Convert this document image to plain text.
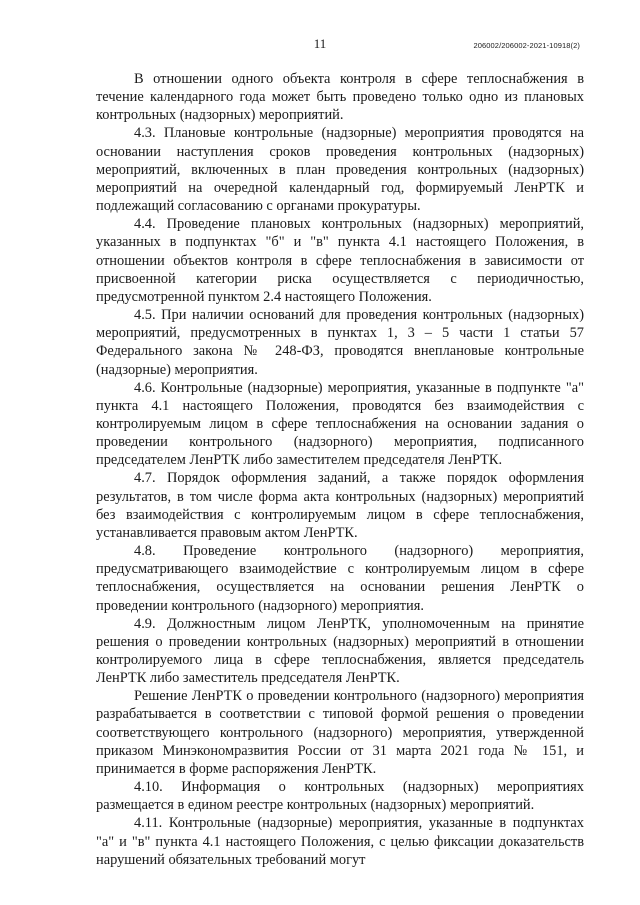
11	206002/206002-2021-10918(2)

В отношении одного объекта контроля в сфере теплоснабжения в течение календарного года может быть проведено только одно из плановых контрольных (надзорных) мероприятий.

4.3. Плановые контрольные (надзорные) мероприятия проводятся на основании наступления сроков проведения контрольных (надзорных) мероприятий, включенных в план проведения контрольных (надзорных) мероприятий на очередной календарный год, формируемый ЛенРТК и подлежащий согласованию с органами прокуратуры.

4.4. Проведение плановых контрольных (надзорных) мероприятий, указанных в подпунктах "б" и "в" пункта 4.1 настоящего Положения, в отношении объектов контроля в сфере теплоснабжения в зависимости от присвоенной категории риска осуществляется с периодичностью, предусмотренной пунктом 2.4 настоящего Положения.

4.5. При наличии оснований для проведения контрольных (надзорных) мероприятий, предусмотренных в пунктах 1, 3 – 5 части 1 статьи 57 Федерального закона № 248-ФЗ, проводятся внеплановые контрольные (надзорные) мероприятия.

4.6. Контрольные (надзорные) мероприятия, указанные в подпункте "а" пункта 4.1 настоящего Положения, проводятся без взаимодействия с контролируемым лицом в сфере теплоснабжения на основании задания о проведении контрольного (надзорного) мероприятия, подписанного председателем ЛенРТК либо заместителем председателя ЛенРТК.

4.7. Порядок оформления заданий, а также порядок оформления результатов, в том числе форма акта контрольных (надзорных) мероприятий без взаимодействия с контролируемым лицом в сфере теплоснабжения, устанавливается правовым актом ЛенРТК.

4.8. Проведение контрольного (надзорного) мероприятия, предусматривающего взаимодействие с контролируемым лицом в сфере теплоснабжения, осуществляется на основании решения ЛенРТК о проведении контрольного (надзорного) мероприятия.

4.9. Должностным лицом ЛенРТК, уполномоченным на принятие решения о проведении контрольных (надзорных) мероприятий в отношении контролируемого лица в сфере теплоснабжения, является председатель ЛенРТК либо заместитель председателя ЛенРТК.

Решение ЛенРТК о проведении контрольного (надзорного) мероприятия разрабатывается в соответствии с типовой формой решения о проведении соответствующего контрольного (надзорного) мероприятия, утвержденной приказом Минэкономразвития России от 31 марта 2021 года № 151, и принимается в форме распоряжения ЛенРТК.

4.10. Информация о контрольных (надзорных) мероприятиях размещается в едином реестре контрольных (надзорных) мероприятий.

4.11. Контрольные (надзорные) мероприятия, указанные в подпунктах "а" и "в" пункта 4.1 настоящего Положения, с целью фиксации доказательств нарушений обязательных требований могут
